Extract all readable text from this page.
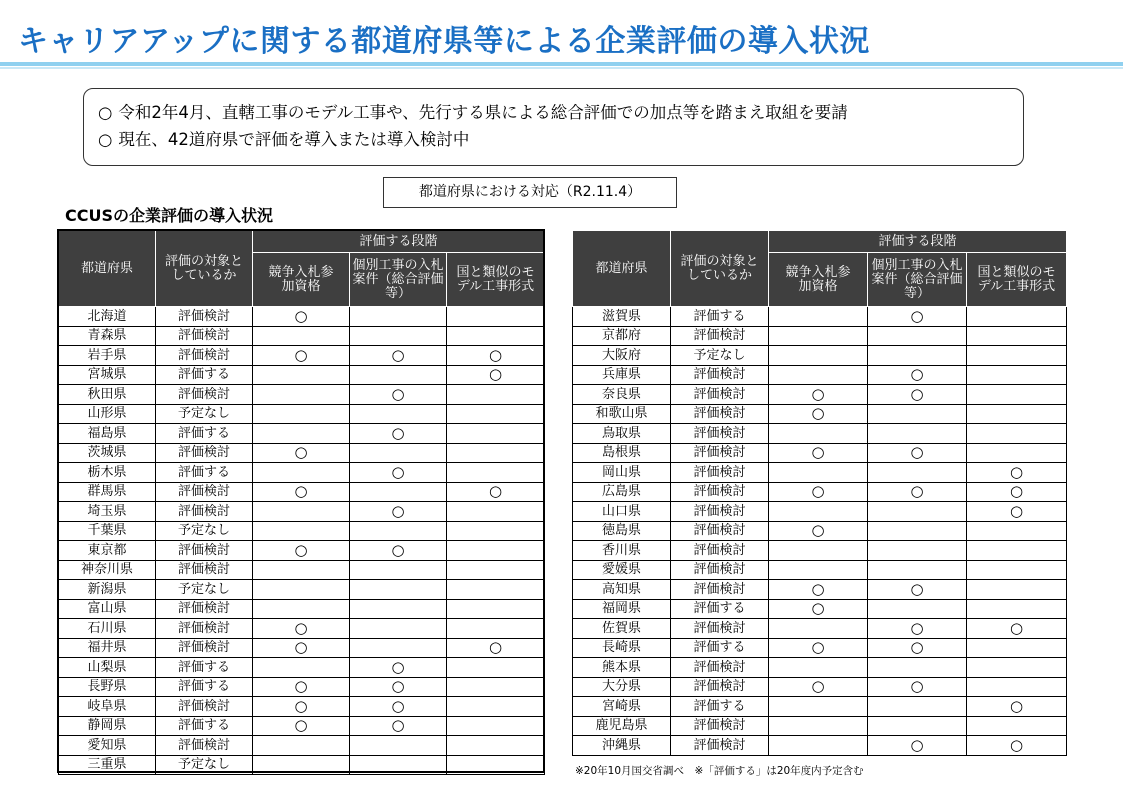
キャリアアップに関する都道府県等による企業評価の導入状況
○ 令和2年4月、直轄工事のモデル工事や、先行する県による総合評価での加点等を踏まえ取組を要請
○ 現在、42道府県で評価を導入または導入検討中
都道府県における対応（R2.11.4）
CCUSの企業評価の導入状況
都道府県	評価の対象としているか	評価する段階		
		競争入札参加資格	個別工事の入札案件（総合評価等）	国と類似のモデル工事形式
北海道	評価検討	○		
青森県	評価検討			
岩手県	評価検討	○	○	○
宮城県	評価する			○
秋田県	評価検討		○	
山形県	予定なし			
福島県	評価する		○	
茨城県	評価検討	○		
栃木県	評価する		○	
群馬県	評価検討	○		○
埼玉県	評価検討		○	
千葉県	予定なし			
東京都	評価検討	○	○	
神奈川県	評価検討			
新潟県	予定なし			
富山県	評価検討			
石川県	評価検討	○		
福井県	評価検討	○		○
山梨県	評価する		○	
長野県	評価する	○	○	
岐阜県	評価検討	○	○	
静岡県	評価する	○	○	
愛知県	評価検討			
三重県	予定なし			
都道府県	評価の対象としているか	評価する段階		
		競争入札参加資格	個別工事の入札案件（総合評価等）	国と類似のモデル工事形式
滋賀県	評価する		○	
京都府	評価検討			
大阪府	予定なし			
兵庫県	評価検討		○	
奈良県	評価検討	○	○	
和歌山県	評価検討	○		
鳥取県	評価検討			
島根県	評価検討	○	○	
岡山県	評価検討			○
広島県	評価検討	○	○	○
山口県	評価検討			○
徳島県	評価検討	○		
香川県	評価検討			
愛媛県	評価検討			
高知県	評価検討	○	○	
福岡県	評価する	○		
佐賀県	評価検討		○	○
長崎県	評価する	○	○	
熊本県	評価検討			
大分県	評価検討	○	○	
宮崎県	評価する			○
鹿児島県	評価検討			
沖縄県	評価検討		○	○
※20年10月国交省調べ　※「評価する」は20年度内予定含む
